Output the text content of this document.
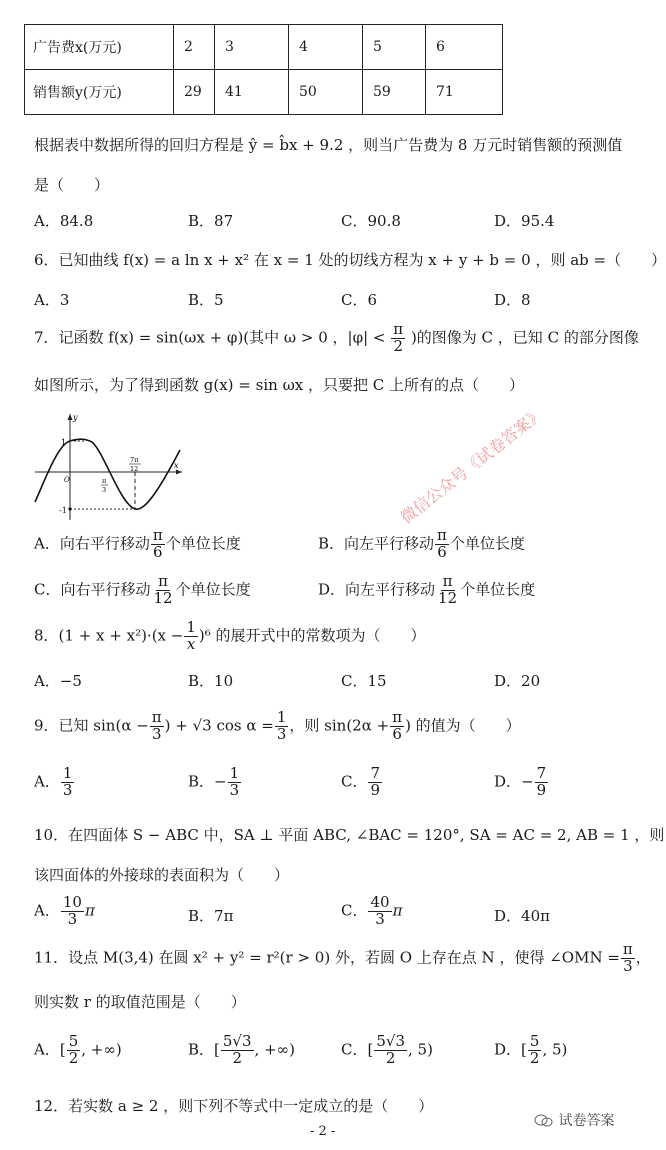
广告费x(万元)	2	3	4	5	6
销售额y(万元)	29	41	50	59	71
根据表中数据所得的回归方程是 ŷ = b̂x + 9.2 ，则当广告费为 8 万元时销售额的预测值
是（　　）
A．84.8	B．87	C．90.8	D．95.4
6．已知曲线 f(x) = a ln x + x² 在 x = 1 处的切线方程为 x + y + b = 0 ，则 ab =（　　）
A．3	B．5	C．6	D．8
7．记函数 f(x) = sin(ωx + φ)(其中 ω > 0 ，$|\varphi| < \frac{\pi}{2}$ )的图像为 C ，已知 C 的部分图像
如图所示，为了得到函数 g(x) = sin ωx ，只要把 C 上所有的点（　　）
y
x
1
-1
O	π
3
7π
12
A．向右平行移动 $\frac{\pi}{6}$ 个单位长度	B．向左平行移动 $\frac{\pi}{6}$ 个单位长度
C．向右平行移动 $\frac{\pi}{12}$ 个单位长度	D．向左平行移动 $\frac{\pi}{12}$ 个单位长度
8．$(1 + x + x^2)\cdot(x - \frac{1}{x} )^6$ 的展开式中的常数项为（　　）
A．−5	B．10	C．15	D．20
9．已知 $\sin(\alpha - \frac{\pi}{3}$ ) + √3 $\cos \alpha = \frac{1}{3}$ ，则 $\sin(2\alpha + \frac{\pi}{6}$ ) 的值为（　　）
A． $\frac{1}{3}$	B．− $\frac{1}{3}$	C． $\frac{7}{9}$	D．− $\frac{7}{9}$
10．在四面体 S − ABC 中，SA ⊥ 平面 ABC, ∠BAC = 120°, SA = AC = 2, AB = 1 ，则
该四面体的外接球的表面积为（　　）
A． $\frac{10}{3}$ π	B．7π	C． $\frac{40}{3}$ π	D．40π
11．设点 M(3,4) 在圆 x² + y² = r²(r > 0) 外，若圆 O 上存在点 N ，使得 ∠OMN = $\frac{\pi}{3}$ ，
则实数 r 的取值范围是（　　）
A．[ $\frac{5}{2}$ , +∞)	B．[ $\frac{5√3}{2}$ , +∞)	C．[ $\frac{5√3}{2}$ , 5)	D．[ $\frac{5}{2}$ , 5)
12．若实数 a ≥ 2 ，则下列不等式中一定成立的是（　　）
- 2 -
试卷答案
微信公众号《试卷答案》
